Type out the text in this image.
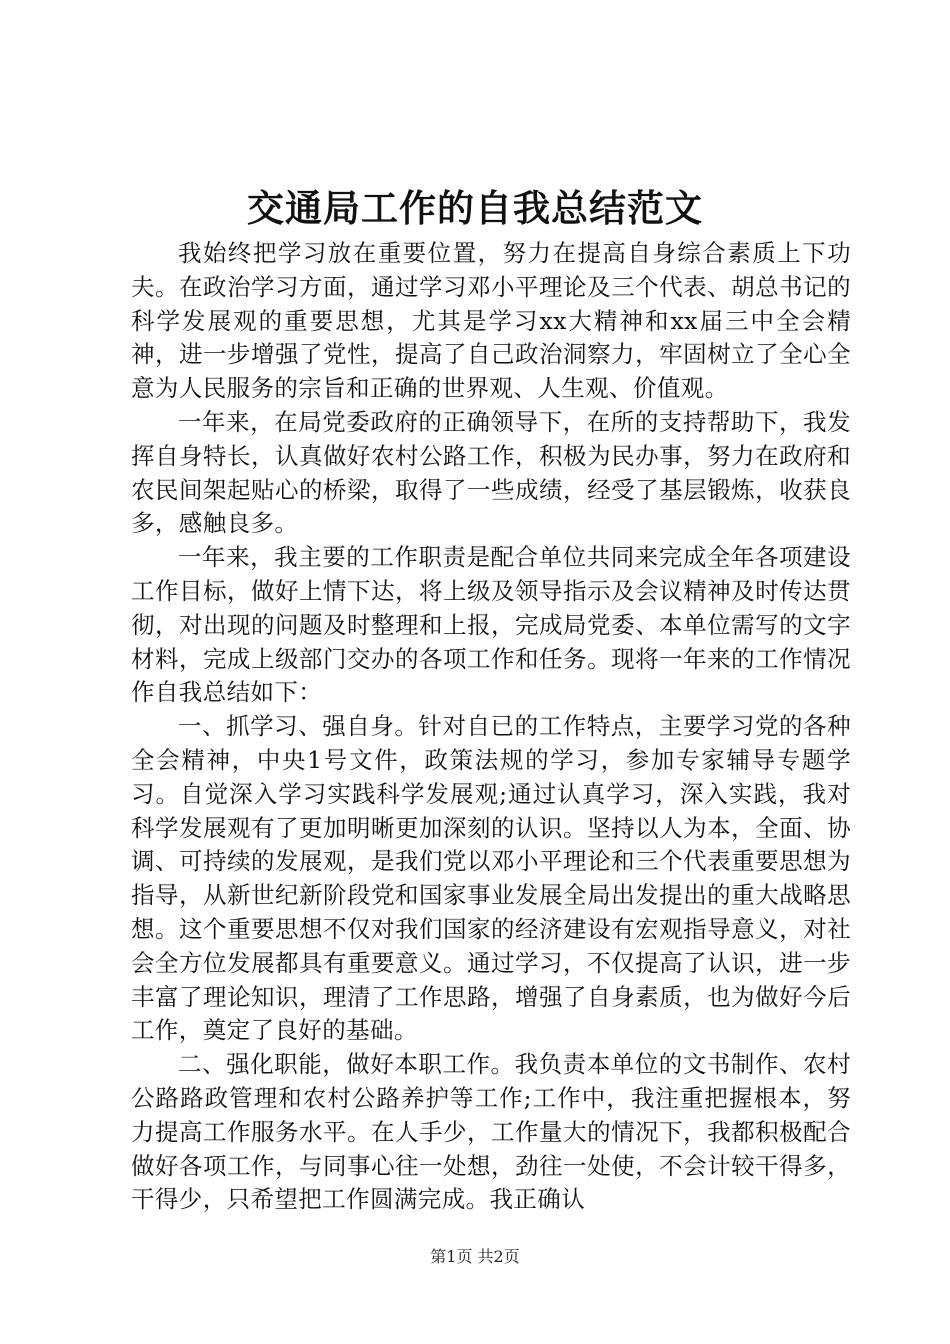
交通局工作的自我总结范文

我始终把学习放在重要位置，努力在提高自身综合素质上下功夫。在政治学习方面，通过学习邓小平理论及三个代表、胡总书记的科学发展观的重要思想，尤其是学习xx大精神和xx届三中全会精神，进一步增强了党性，提高了自己政治洞察力，牢固树立了全心全意为人民服务的宗旨和正确的世界观、人生观、价值观。

一年来，在局党委政府的正确领导下，在所的支持帮助下，我发挥自身特长，认真做好农村公路工作，积极为民办事，努力在政府和农民间架起贴心的桥梁，取得了一些成绩，经受了基层锻炼，收获良多，感触良多。

一年来，我主要的工作职责是配合单位共同来完成全年各项建设工作目标，做好上情下达，将上级及领导指示及会议精神及时传达贯彻，对出现的问题及时整理和上报，完成局党委、本单位需写的文字材料，完成上级部门交办的各项工作和任务。现将一年来的工作情况作自我总结如下：

一、抓学习、强自身。针对自已的工作特点，主要学习党的各种全会精神，中央1号文件，政策法规的学习，参加专家辅导专题学习。自觉深入学习实践科学发展观;通过认真学习，深入实践，我对科学发展观有了更加明晰更加深刻的认识。坚持以人为本，全面、协调、可持续的发展观，是我们党以邓小平理论和三个代表重要思想为指导，从新世纪新阶段党和国家事业发展全局出发提出的重大战略思想。这个重要思想不仅对我们国家的经济建设有宏观指导意义，对社会全方位发展都具有重要意义。通过学习，不仅提高了认识，进一步丰富了理论知识，理清了工作思路，增强了自身素质，也为做好今后工作，奠定了良好的基础。

二、强化职能，做好本职工作。我负责本单位的文书制作、农村公路路政管理和农村公路养护等工作;工作中，我注重把握根本，努力提高工作服务水平。在人手少，工作量大的情况下，我都积极配合做好各项工作，与同事心往一处想，劲往一处使，不会计较干得多，干得少，只希望把工作圆满完成。我正确认

第1页 共2页
